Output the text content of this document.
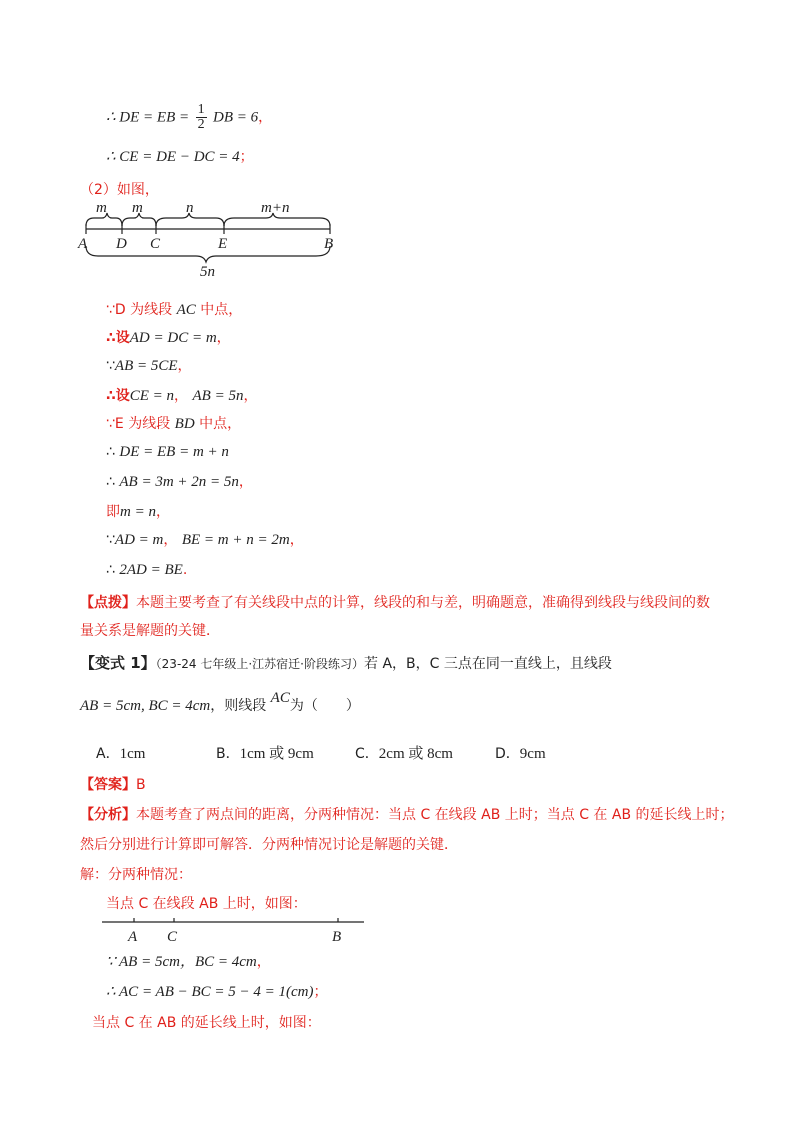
∴ DE = EB = $\frac{1}{2}$ DB = 6，
∴ CE = DE − DC = 4；
（2）如图，
m m	n	m+n
A D C	E	B
5n
∵D 为线段 AC 中点，
∴设AD = DC = m，
∵AB = 5CE，
∴设CE = n， AB = 5n，
∵E 为线段 BD 中点，
∴ DE = EB = m + n
∴ AB = 3m + 2n = 5n，
即m = n，
∵AD = m， BE = m + n = 2m，
∴ 2AD = BE.
【点拨】本题主要考查了有关线段中点的计算，线段的和与差，明确题意，准确得到线段与线段间的数
量关系是解题的关键．
【变式 1】（23-24 七年级上·江苏宿迁·阶段练习）若 A，B，C 三点在同一直线上，且线段
AB = 5cm, BC = 4cm，则线段 AC为（　　）
A．1cm	B．1cm 或 9cm	C．2cm 或 8cm	D．9cm
【答案】B
【分析】本题考查了两点间的距离，分两种情况：当点 C 在线段 AB 上时；当点 C 在 AB 的延长线上时；
然后分别进行计算即可解答．分两种情况讨论是解题的关键．
解：分两种情况：
当点 C 在线段 AB 上时，如图：
A C	B
∵ AB = 5cm，BC = 4cm，
∴ AC = AB − BC = 5 − 4 = 1(cm)；
当点 C 在 AB 的延长线上时，如图：
